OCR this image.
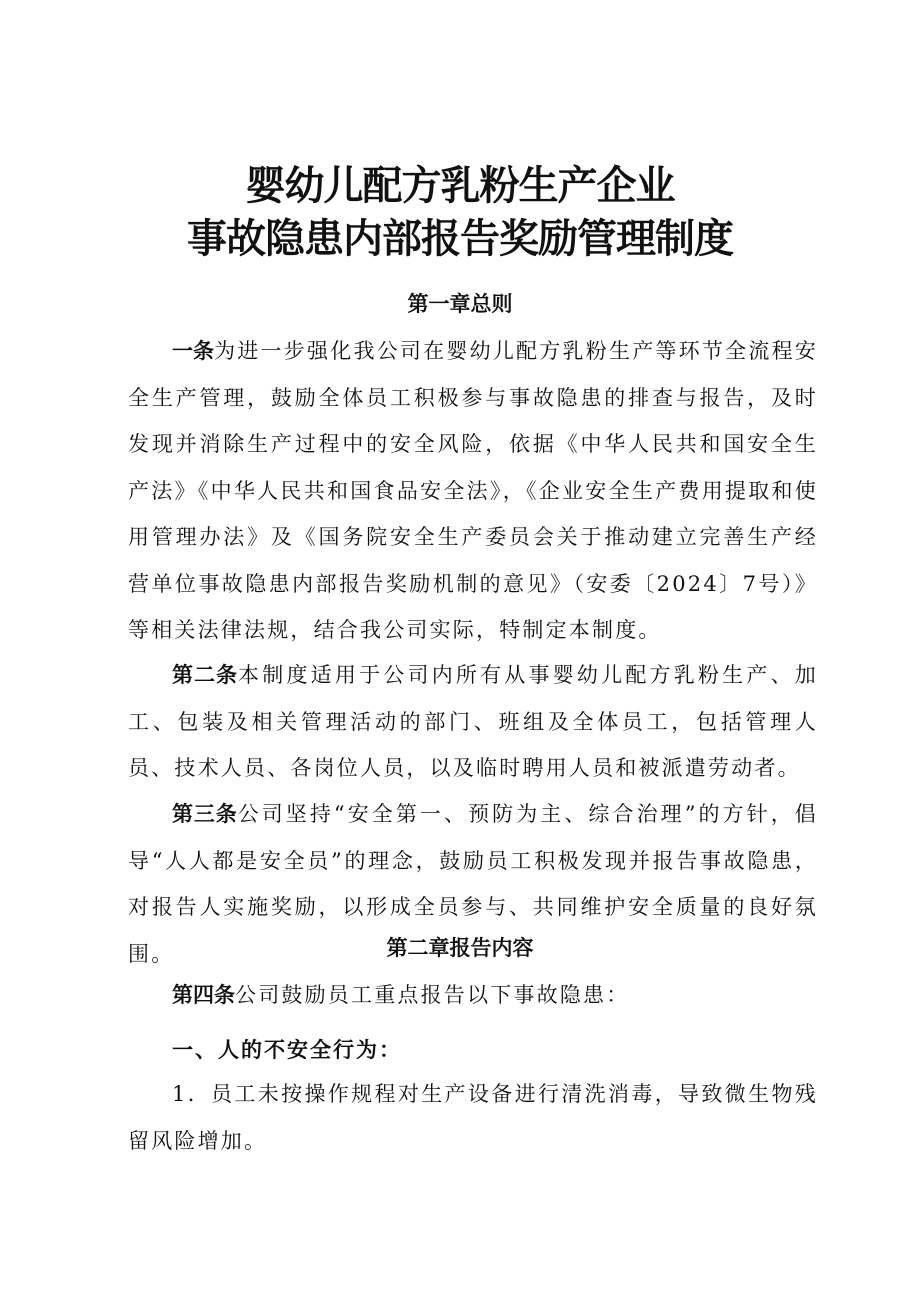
婴幼儿配方乳粉生产企业
事故隐患内部报告奖励管理制度
第一章总则

一条为进一步强化我公司在婴幼儿配方乳粉生产等环节全流程安全生产管理，鼓励全体员工积极参与事故隐患的排查与报告，及时发现并消除生产过程中的安全风险，依据《中华人民共和国安全生产法》《中华人民共和国食品安全法》，《企业安全生产费用提取和使用管理办法》及《国务院安全生产委员会关于推动建立完善生产经营单位事故隐患内部报告奖励机制的意见》（安委〔2024〕7号）》等相关法律法规，结合我公司实际，特制定本制度。

第二条本制度适用于公司内所有从事婴幼儿配方乳粉生产、加工、包装及相关管理活动的部门、班组及全体员工，包括管理人员、技术人员、各岗位人员，以及临时聘用人员和被派遣劳动者。

第三条公司坚持“安全第一、预防为主、综合治理”的方针，倡导“人人都是安全员”的理念，鼓励员工积极发现并报告事故隐患，对报告人实施奖励，以形成全员参与、共同维护安全质量的良好氛围。	第二章报告内容

第四条公司鼓励员工重点报告以下事故隐患：

一、人的不安全行为：

1．员工未按操作规程对生产设备进行清洗消毒，导致微生物残留风险增加。
